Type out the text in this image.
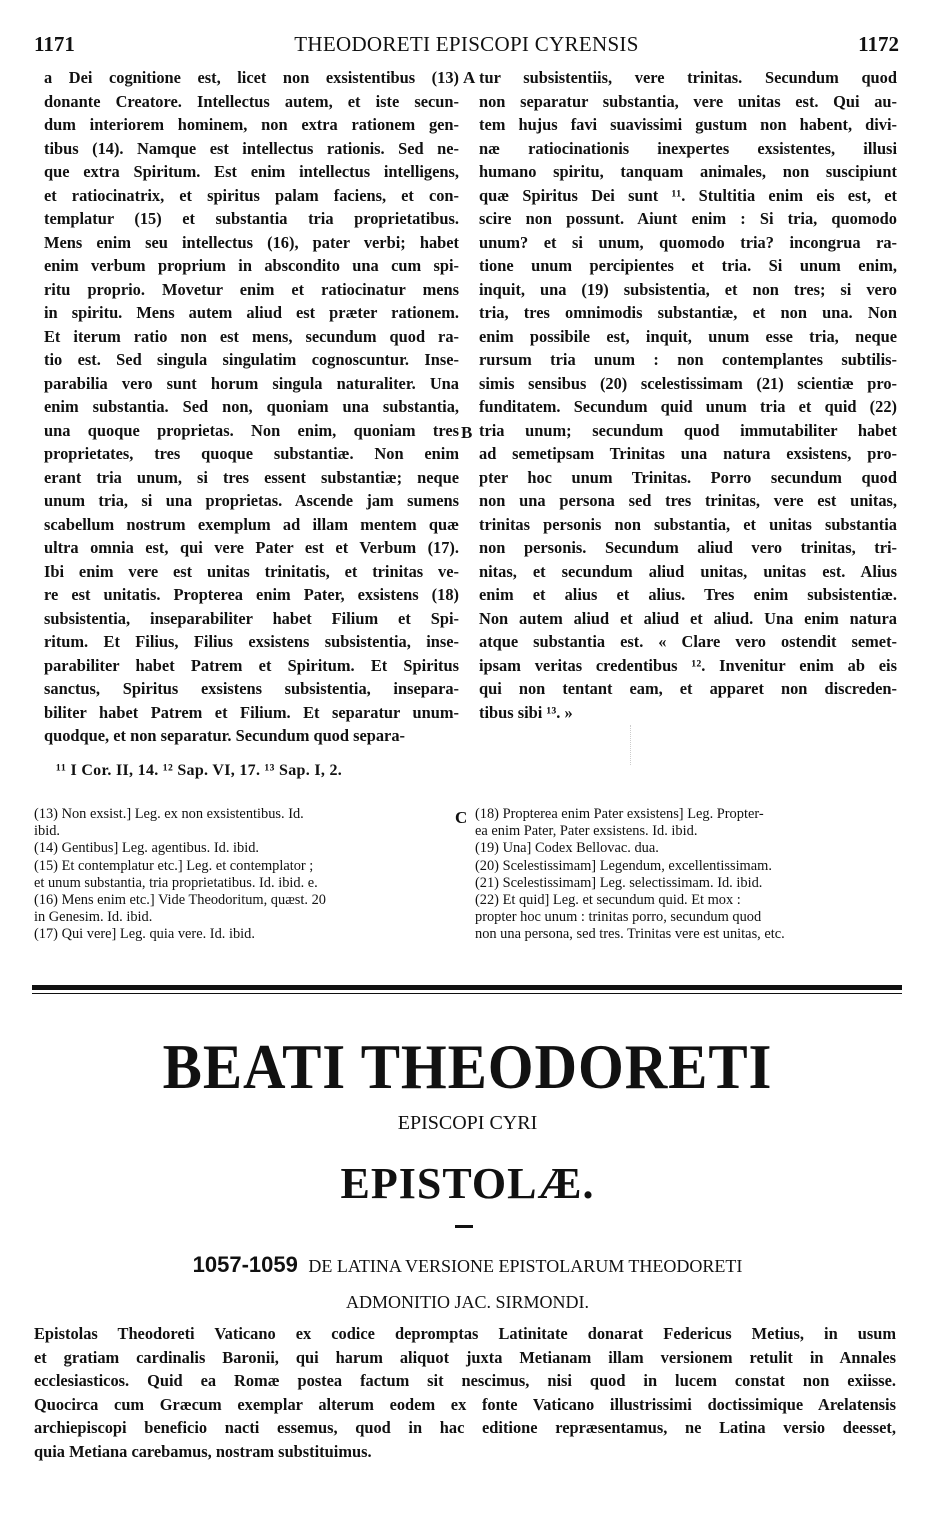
1171	THEODORETI EPISCOPI CYRENSIS	1172
a Dei cognitione est, licet non exsistentibus (13)
donante Creatore. Intellectus autem, et iste secun-
dum interiorem hominem, non extra rationem gen-
tibus (14). Namque est intellectus rationis. Sed ne-
que extra Spiritum. Est enim intellectus intelligens,
et ratiocinatrix, et spiritus palam faciens, et con-
templatur (15) et substantia tria proprietatibus.
Mens enim seu intellectus (16), pater verbi; habet
enim verbum proprium in abscondito una cum spi-
ritu proprio. Movetur enim et ratiocinatur mens
in spiritu. Mens autem aliud est præter rationem.
Et iterum ratio non est mens, secundum quod ra-
tio est. Sed singula singulatim cognoscuntur. Inse-
parabilia vero sunt horum singula naturaliter. Una
enim substantia. Sed non, quoniam una substantia,
una quoque proprietas. Non enim, quoniam tres
proprietates, tres quoque substantiæ. Non enim
erant tria unum, si tres essent substantiæ; neque
unum tria, si una proprietas. Ascende jam sumens
scabellum nostrum exemplum ad illam mentem quæ
ultra omnia est, qui vere Pater est et Verbum (17).
Ibi enim vere est unitas trinitatis, et trinitas ve-
re est unitatis. Propterea enim Pater, exsistens (18)
subsistentia, inseparabiliter habet Filium et Spi-
ritum. Et Filius, Filius exsistens subsistentia, inse-
parabiliter habet Patrem et Spiritum. Et Spiritus
sanctus, Spiritus exsistens subsistentia, insepara-
biliter habet Patrem et Filium. Et separatur unum-
quodque, et non separatur. Secundum quod separa-
tur subsistentiis, vere trinitas. Secundum quod
non separatur substantia, vere unitas est. Qui au-
tem hujus favi suavissimi gustum non habent, divi-
næ ratiocinationis inexpertes exsistentes, illusi
humano spiritu, tanquam animales, non suscipiunt
quæ Spiritus Dei sunt ¹¹. Stultitia enim eis est, et
scire non possunt. Aiunt enim : Si tria, quomodo
unum? et si unum, quomodo tria? incongrua ra-
tione unum percipientes et tria. Si unum enim,
inquit, una (19) subsistentia, et non tres; si vero
tria, tres omnimodis substantiæ, et non una. Non
enim possibile est, inquit, unum esse tria, neque
rursum tria unum : non contemplantes subtilis-
simis sensibus (20) scelestissimam (21) scientiæ pro-
funditatem. Secundum quid unum tria et quid (22)
tria unum; secundum quod immutabiliter habet
ad semetipsam Trinitas una natura exsistens, pro-
pter hoc unum Trinitas. Porro secundum quod
non una persona sed tres trinitas, vere est unitas,
trinitas personis non substantia, et unitas substantia
non personis. Secundum aliud vero trinitas, tri-
nitas, et secundum aliud unitas, unitas est. Alius
enim et alius et alius. Tres enim subsistentiæ.
Non autem aliud et aliud et aliud. Una enim natura
atque substantia est. « Clare vero ostendit semet-
ipsam veritas credentibus ¹². Invenitur enim ab eis
qui non tentant eam, et apparet non discreden-
tibus sibi ¹³. »
A
B
C
¹¹ I Cor. II, 14. ¹² Sap. VI, 17. ¹³ Sap. I, 2.
(13) Non exsist.] Leg. ex non exsistentibus. Id.
ibid.
(14) Gentibus] Leg. agentibus. Id. ibid.
(15) Et contemplatur etc.] Leg. et contemplator ;
et unum substantia, tria proprietatibus. Id. ibid. e.
(16) Mens enim etc.] Vide Theodoritum, quæst. 20
in Genesim. Id. ibid.
(17) Qui vere] Leg. quia vere. Id. ibid.
(18) Propterea enim Pater exsistens] Leg. Propter-
ea enim Pater, Pater exsistens. Id. ibid.
(19) Una] Codex Bellovac. dua.
(20) Scelestissimam] Legendum, excellentissimam.
(21) Scelestissimam] Leg. selectissimam. Id. ibid.
(22) Et quid] Leg. et secundum quid. Et mox :
propter hoc unum : trinitas porro, secundum quod
non una persona, sed tres. Trinitas vere est unitas, etc.
BEATI THEODORETI
EPISCOPI CYRI
EPISTOLÆ.
1057-1059 DE LATINA VERSIONE EPISTOLARUM THEODORETI
ADMONITIO JAC. SIRMONDI.
Epistolas Theodoreti Vaticano ex codice depromptas Latinitate donarat Federicus Metius, in usum
et gratiam cardinalis Baronii, qui harum aliquot juxta Metianam illam versionem retulit in Annales
ecclesiasticos. Quid ea Romæ postea factum sit nescimus, nisi quod in lucem constat non exiisse.
Quocirca cum Græcum exemplar alterum eodem ex fonte Vaticano illustrissimi doctissimique Arelatensis
archiepiscopi beneficio nacti essemus, quod in hac editione repræsentamus, ne Latina versio deesset,
quia Metiana carebamus, nostram substituimus.
